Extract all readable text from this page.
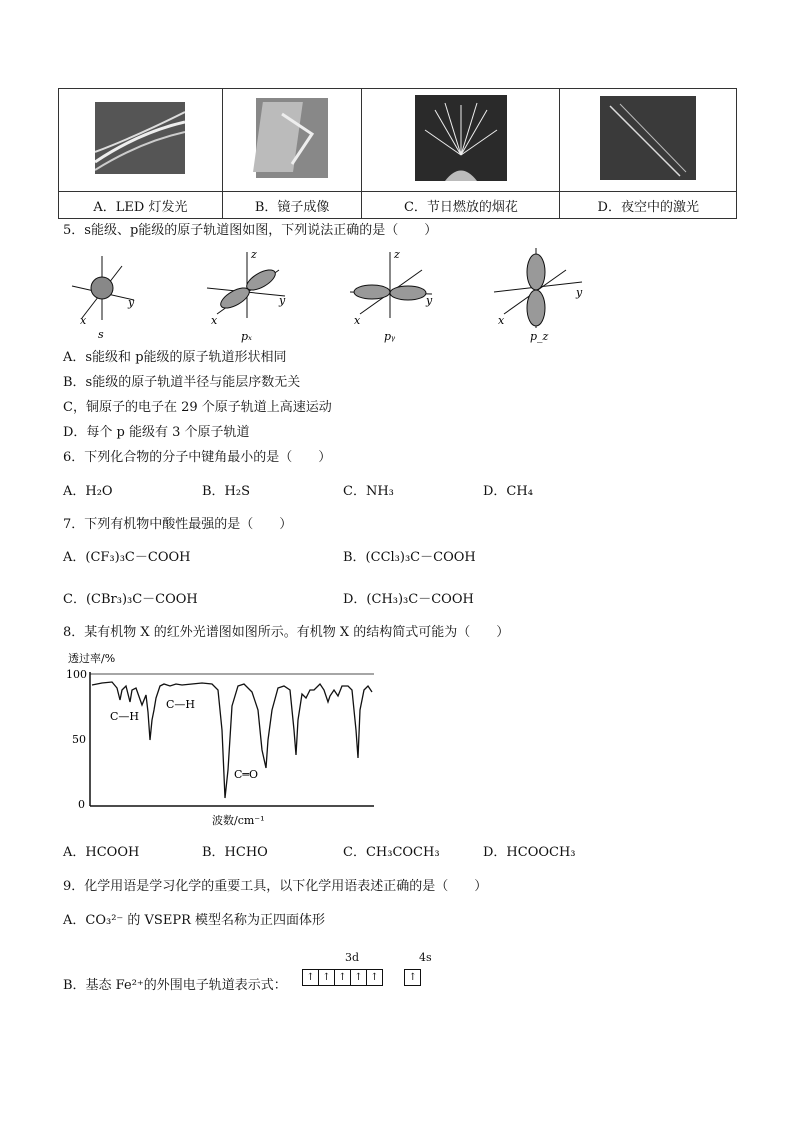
A．LED 灯发光	B．镜子成像	C．节日燃放的烟花	D．夜空中的激光
5．s能级、p能级的原子轨道图如图，下列说法正确的是（　　）
x
y
s
z
x
y
pₓ
z
x
y
pᵧ
x
y
p_z
A．s能级和 p能级的原子轨道形状相同
B．s能级的原子轨道半径与能层序数无关
C，铜原子的电子在 29 个原子轨道上高速运动
D．每个 p 能级有 3 个原子轨道
6．下列化合物的分子中键角最小的是（　　）
A．H₂O	B．H₂S	C．NH₃	D．CH₄
7．下列有机物中酸性最强的是（　　）
A．(CF₃)₃C－COOH	B．(CCl₃)₃C－COOH
C．(CBr₃)₃C－COOH	D．(CH₃)₃C－COOH
8．某有机物 X 的红外光谱图如图所示。有机物 X 的结构简式可能为（　　）
透过率/%
100
50
0
C—H
C—H
C═O
波数/cm⁻¹
A．HCOOH	B．HCHO	C．CH₃COCH₃	D．HCOOCH₃
9．化学用语是学习化学的重要工具，以下化学用语表述正确的是（　　）
A．CO₃²⁻ 的 VSEPR 模型名称为正四面体形
3d	4s
B．基态 Fe²⁺的外围电子轨道表示式：
↑ ↑ ↑ ↑ ↑	↑
